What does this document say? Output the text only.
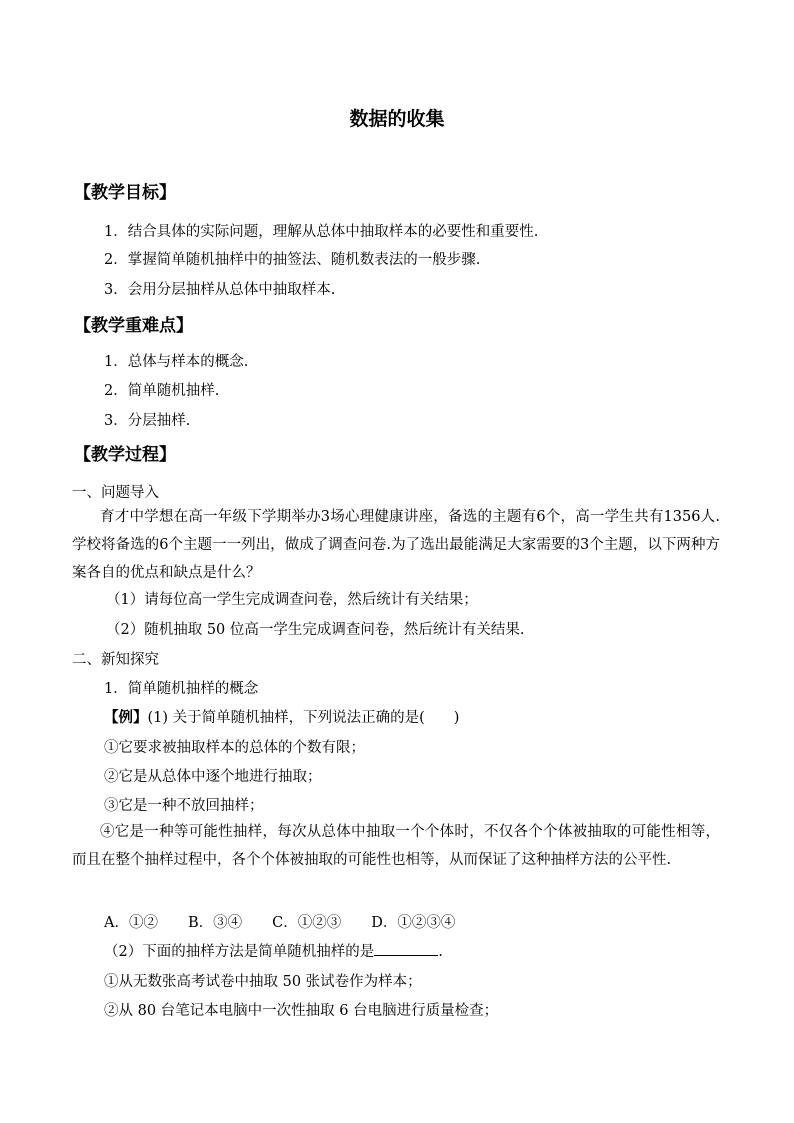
数据的收集
【教学目标】
1．结合具体的实际问题，理解从总体中抽取样本的必要性和重要性.
2．掌握简单随机抽样中的抽签法、随机数表法的一般步骤.
3．会用分层抽样从总体中抽取样本.
【教学重难点】
1．总体与样本的概念.
2．简单随机抽样.
3．分层抽样.
【教学过程】
一、问题导入
育才中学想在高一年级下学期举办3场心理健康讲座，备选的主题有6个，高一学生共有1356人.学校将备选的6个主题一一列出，做成了调查问卷.为了选出最能满足大家需要的3个主题，以下两种方案各自的优点和缺点是什么？
（1）请每位高一学生完成调查问卷，然后统计有关结果；
（2）随机抽取 50 位高一学生完成调查问卷，然后统计有关结果.
二、新知探究
1．简单随机抽样的概念
【例】(1) 关于简单随机抽样，下列说法正确的是(　　)
①它要求被抽取样本的总体的个数有限；
②它是从总体中逐个地进行抽取；
③它是一种不放回抽样；
④它是一种等可能性抽样，每次从总体中抽取一个个体时，不仅各个个体被抽取的可能性相等，而且在整个抽样过程中，各个个体被抽取的可能性也相等，从而保证了这种抽样方法的公平性.
A．①② B．③④ C．①②③ D．①②③④
（2）下面的抽样方法是简单随机抽样的是	.
①从无数张高考试卷中抽取 50 张试卷作为样本；
②从 80 台笔记本电脑中一次性抽取 6 台电脑进行质量检查；
